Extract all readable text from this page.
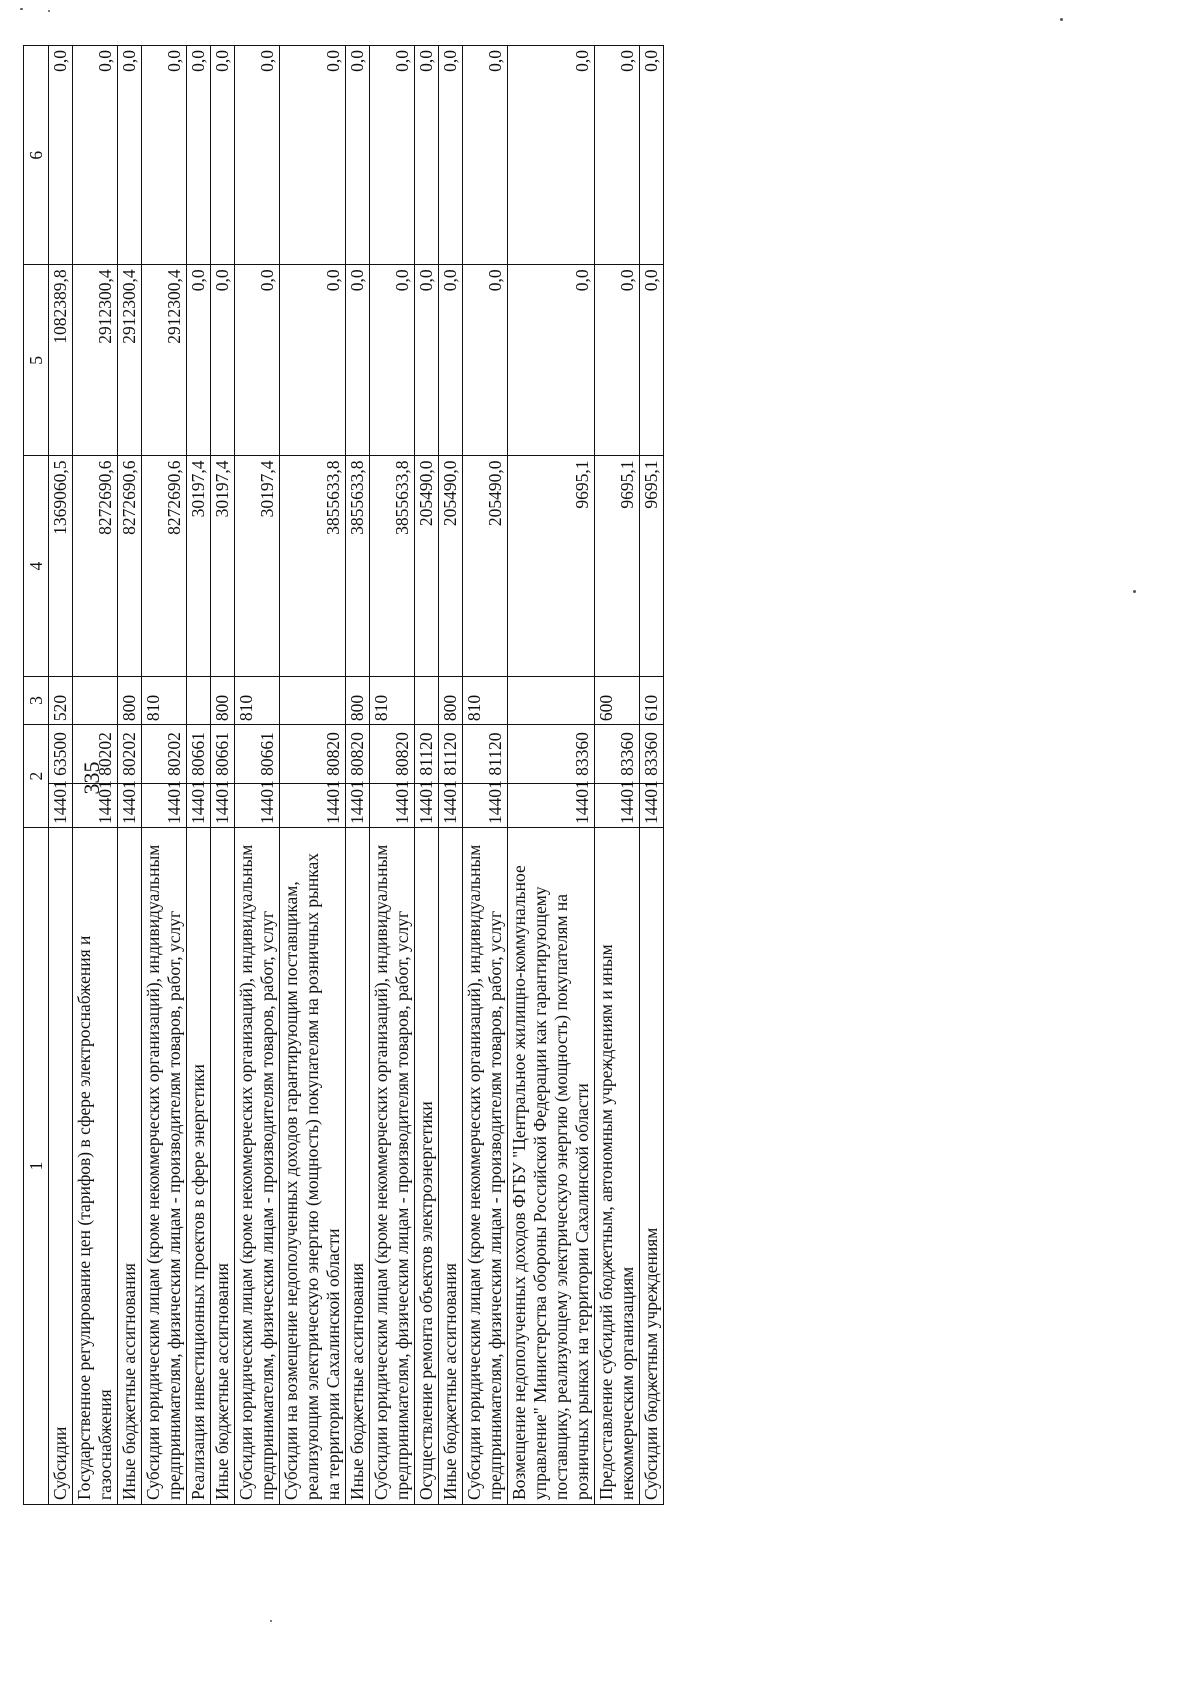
335
1	2		3	4	5	6
Субсидии	14401	63500	520	1369060,5	1082389,8	0,0
Государственное регулирование цен (тарифов) в сфере электроснабжения и газоснабжения	14401	80202		8272690,6	2912300,4	0,0
Иные бюджетные ассигнования	14401	80202	800	8272690,6	2912300,4	0,0
Субсидии юридическим лицам (кроме некоммерческих организаций), индивидуальным предпринимателям, физическим лицам - производителям товаров, работ, услуг	14401	80202	810	8272690,6	2912300,4	0,0
Реализация инвестиционных проектов в сфере энергетики	14401	80661		30197,4	0,0	0,0
Иные бюджетные ассигнования	14401	80661	800	30197,4	0,0	0,0
Субсидии юридическим лицам (кроме некоммерческих организаций), индивидуальным предпринимателям, физическим лицам - производителям товаров, работ, услуг	14401	80661	810	30197,4	0,0	0,0
Субсидии на возмещение недополученных доходов гарантирующим поставщикам, реализующим электрическую энергию (мощность) покупателям на розничных рынках на территории Сахалинской области	14401	80820		3855633,8	0,0	0,0
Иные бюджетные ассигнования	14401	80820	800	3855633,8	0,0	0,0
Субсидии юридическим лицам (кроме некоммерческих организаций), индивидуальным предпринимателям, физическим лицам - производителям товаров, работ, услуг	14401	80820	810	3855633,8	0,0	0,0
Осуществление ремонта объектов электроэнергетики	14401	81120		205490,0	0,0	0,0
Иные бюджетные ассигнования	14401	81120	800	205490,0	0,0	0,0
Субсидии юридическим лицам (кроме некоммерческих организаций), индивидуальным предпринимателям, физическим лицам - производителям товаров, работ, услуг	14401	81120	810	205490,0	0,0	0,0
Возмещение недополученных доходов ФГБУ "Центральное жилищно-коммунальное управление" Министерства обороны Российской Федерации как гарантирующему поставщику, реализующему электрическую энергию (мощность) покупателям на розничных рынках на территории Сахалинской области	14401	83360		9695,1	0,0	0,0
Предоставление субсидий бюджетным, автономным учреждениям и иным некоммерческим организациям	14401	83360	600	9695,1	0,0	0,0
Субсидии бюджетным учреждениям	14401	83360	610	9695,1	0,0	0,0
